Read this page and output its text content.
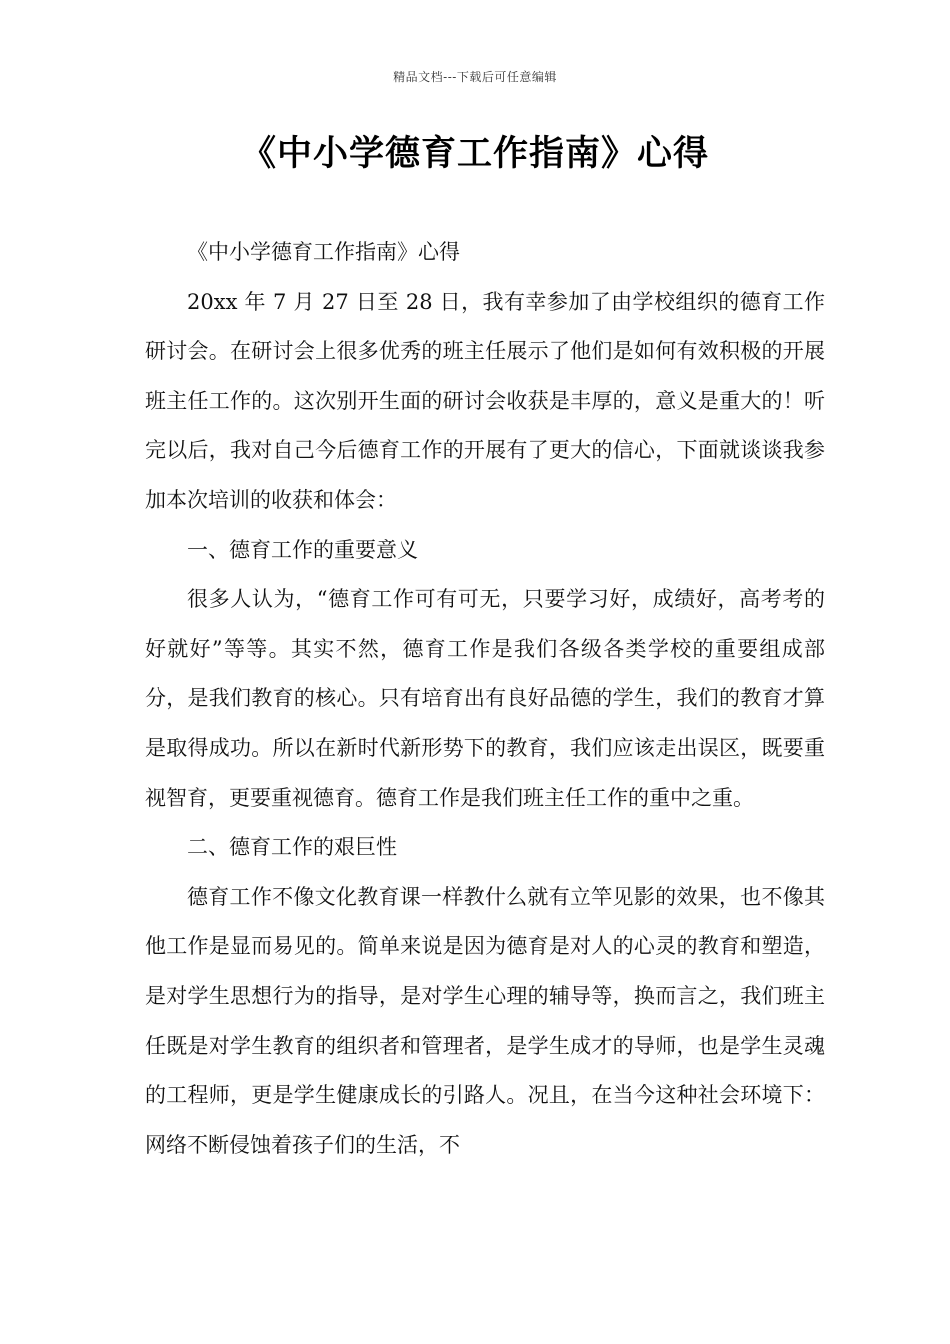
精品文档---下载后可任意编辑
《中小学德育工作指南》心得

《中小学德育工作指南》心得

20xx 年 7 月 27 日至 28 日，我有幸参加了由学校组织的德育工作研讨会。在研讨会上很多优秀的班主任展示了他们是如何有效积极的开展班主任工作的。这次别开生面的研讨会收获是丰厚的，意义是重大的！听完以后，我对自己今后德育工作的开展有了更大的信心，下面就谈谈我参加本次培训的收获和体会：

一、德育工作的重要意义

很多人认为，“德育工作可有可无，只要学习好，成绩好，高考考的好就好”等等。其实不然，德育工作是我们各级各类学校的重要组成部分，是我们教育的核心。只有培育出有良好品德的学生，我们的教育才算是取得成功。所以在新时代新形势下的教育，我们应该走出误区，既要重视智育，更要重视德育。德育工作是我们班主任工作的重中之重。

二、德育工作的艰巨性

德育工作不像文化教育课一样教什么就有立竿见影的效果，也不像其他工作是显而易见的。简单来说是因为德育是对人的心灵的教育和塑造，是对学生思想行为的指导，是对学生心理的辅导等，换而言之，我们班主任既是对学生教育的组织者和管理者，是学生成才的导师，也是学生灵魂的工程师，更是学生健康成长的引路人。况且，在当今这种社会环境下：网络不断侵蚀着孩子们的生活，不
